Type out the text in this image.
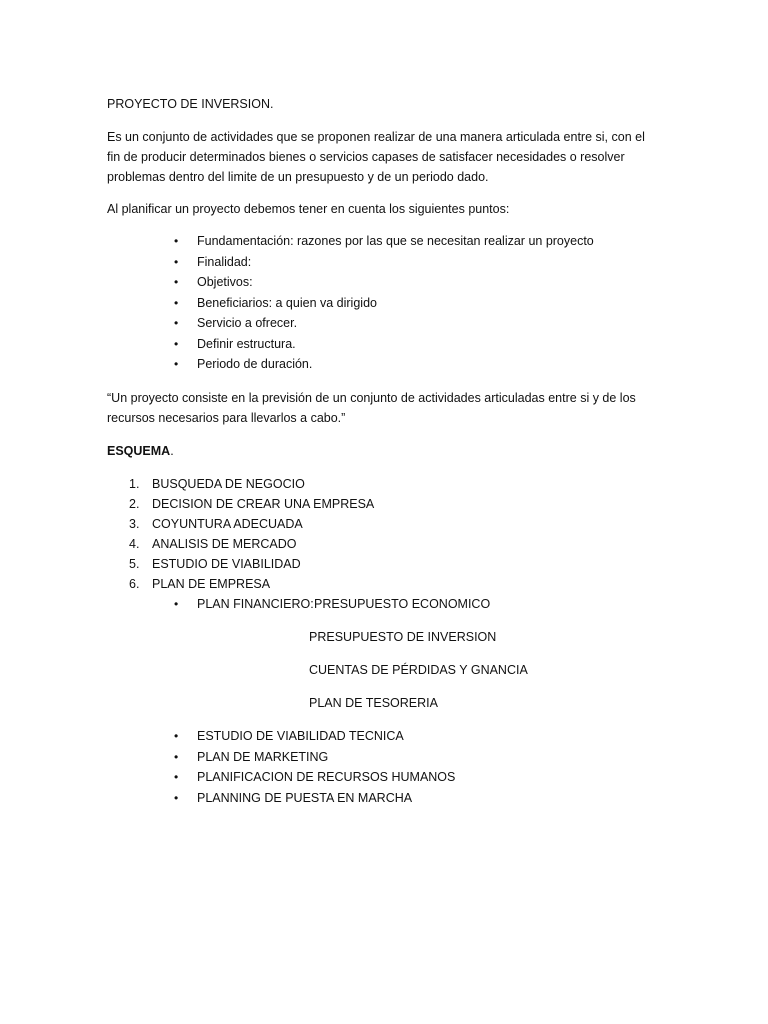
PROYECTO DE INVERSION.

Es un conjunto de actividades que se proponen realizar de una manera articulada entre si, con el

fin de producir determinados bienes o servicios capases de satisfacer necesidades o resolver

problemas dentro del limite de un presupuesto y de un periodo dado.

Al planificar un proyecto debemos tener en cuenta los siguientes puntos:

• Fundamentación: razones por las que se necesitan realizar un proyecto
• Finalidad:
• Objetivos:
• Beneficiarios: a quien va dirigido
• Servicio a ofrecer.
• Definir estructura.
• Periodo de duración.

“Un proyecto consiste en la previsión de un conjunto de actividades articuladas entre si y de los

recursos necesarios para llevarlos a cabo.”

ESQUEMA.

1. BUSQUEDA DE NEGOCIO
2. DECISION DE CREAR UNA EMPRESA
3. COYUNTURA ADECUADA
4. ANALISIS DE MERCADO
5. ESTUDIO DE VIABILIDAD
6. PLAN DE EMPRESA
• PLAN FINANCIERO:PRESUPUESTO ECONOMICO

PRESUPUESTO DE INVERSION

CUENTAS DE PÉRDIDAS Y GNANCIA

PLAN DE TESORERIA

• ESTUDIO DE VIABILIDAD TECNICA
• PLAN DE MARKETING
• PLANIFICACION DE RECURSOS HUMANOS
• PLANNING DE PUESTA EN MARCHA
